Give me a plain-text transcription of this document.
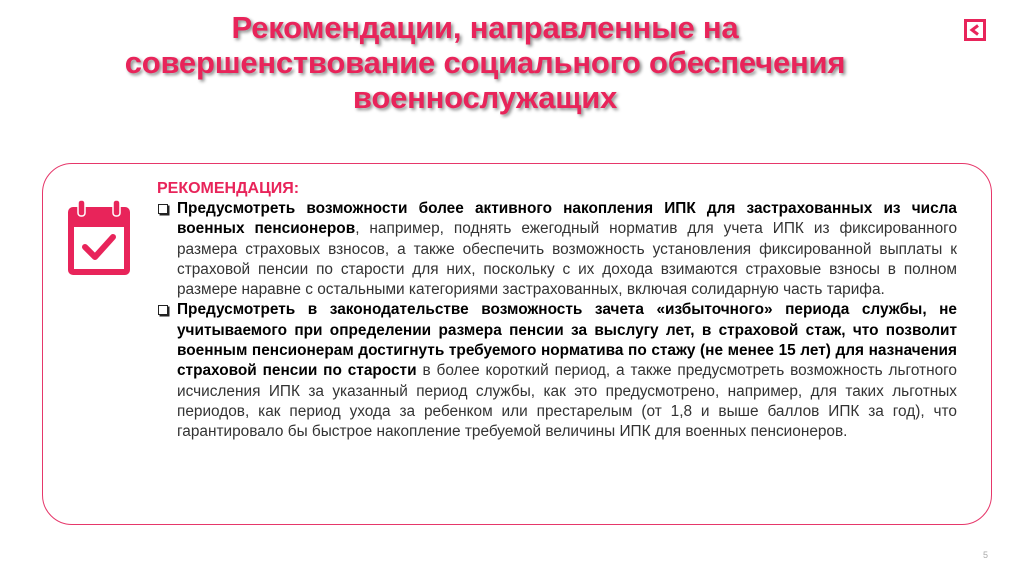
Рекомендации, направленные на
совершенствование социального обеспечения
военнослужащих

РЕКОМЕНДАЦИЯ:

Предусмотреть возможности более активного накопления ИПК для застрахованных из числа военных пенсионеров, например, поднять ежегодный норматив для учета ИПК из фиксированного размера страховых взносов, а также обеспечить возможность установления фиксированной выплаты к страховой пенсии по старости для них, поскольку с их дохода взимаются страховые взносы в полном размере наравне с остальными категориями застрахованных, включая солидарную часть тарифа.

Предусмотреть в законодательстве возможность зачета «избыточного» периода службы, не учитываемого при определении размера пенсии за выслугу лет, в страховой стаж, что позволит военным пенсионерам достигнуть требуемого норматива по стажу (не менее 15 лет) для назначения страховой пенсии по старости в более короткий период, а также предусмотреть возможность льготного исчисления ИПК за указанный период службы, как это предусмотрено, например, для таких льготных периодов, как период ухода за ребенком или престарелым (от 1,8 и выше баллов ИПК за год), что гарантировало бы быстрое накопление требуемой величины ИПК для военных пенсионеров.

5
